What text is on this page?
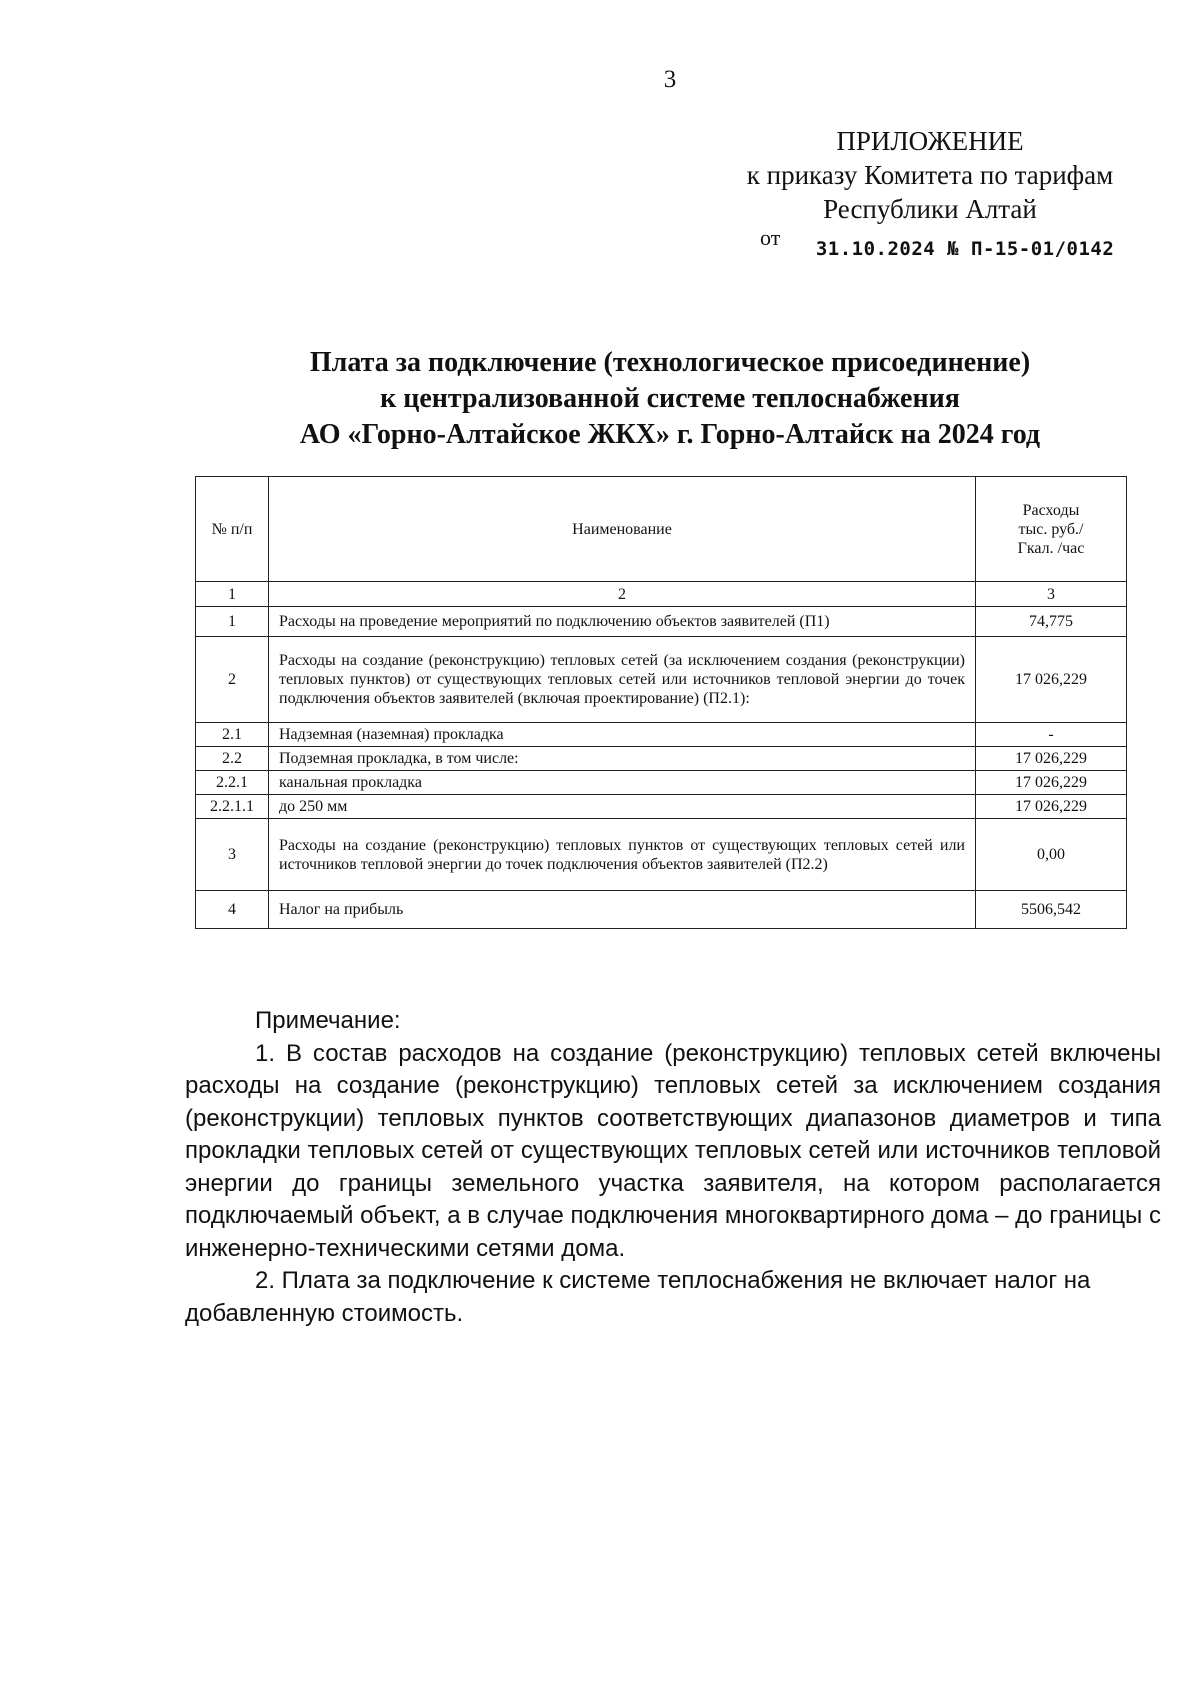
3
ПРИЛОЖЕНИЕ
к приказу Комитета по тарифам
Республики Алтай
от 31.10.2024 № П-15-01/0142
Плата за подключение (технологическое присоединение)
к централизованной системе теплоснабжения
АО «Горно-Алтайское ЖКХ» г. Горно-Алтайск на 2024 год
№ п/п	Наименование	Расходы
тыс. руб./
Гкал. /час
1	2	3
1	Расходы на проведение мероприятий по подключению объектов заявителей (П1)	74,775
2	Расходы на создание (реконструкцию) тепловых сетей (за исключением создания (реконструкции) тепловых пунктов) от существующих тепловых сетей или источников тепловой энергии до точек подключения объектов заявителей (включая проектирование) (П2.1):	17 026,229
2.1	Надземная (наземная) прокладка	-
2.2	Подземная прокладка, в том числе:	17 026,229
2.2.1	канальная прокладка	17 026,229
2.2.1.1	до 250 мм	17 026,229
3	Расходы на создание (реконструкцию) тепловых пунктов от существующих тепловых сетей или источников тепловой энергии до точек подключения объектов заявителей (П2.2)	0,00
4	Налог на прибыль	5506,542
Примечание:

1. В состав расходов на создание (реконструкцию) тепловых сетей включены расходы на создание (реконструкцию) тепловых сетей за исключением создания (реконструкции) тепловых пунктов соответствующих диапазонов диаметров и типа прокладки тепловых сетей от существующих тепловых сетей или источников тепловой энергии до границы земельного участка заявителя, на котором располагается подключаемый объект, а в случае подключения многоквартирного дома – до границы с инженерно-техническими сетями дома.

2. Плата за подключение к системе теплоснабжения не включает налог на добавленную стоимость.
